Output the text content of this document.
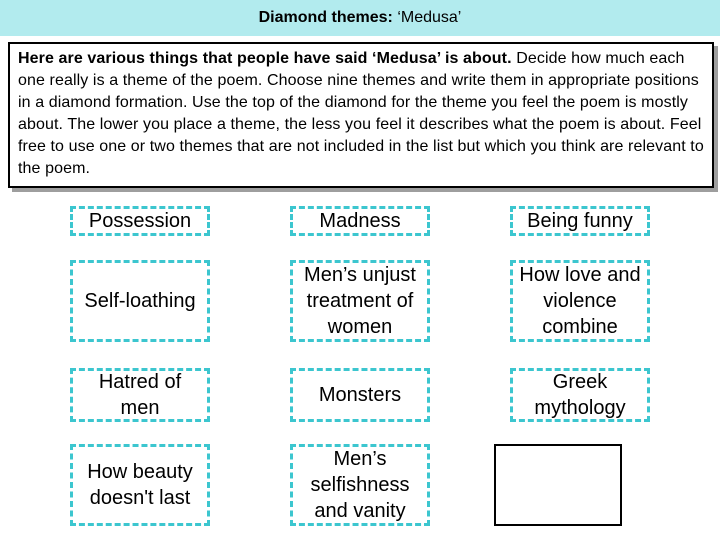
Diamond themes: ‘Medusa’
Here are various things that people have said ‘Medusa’ is about. Decide how much each one really is a theme of the poem. Choose nine themes and write them in appropriate positions in a diamond formation. Use the top of the diamond for the theme you feel the poem is mostly about. The lower you place a theme, the less you feel it describes what the poem is about. Feel free to use one or two themes that are not included in the list but which you think are relevant to the poem.
Possession	Madness	Being funny
Self-loathing
Men’s unjust treatment of women
How love and violence combine
Hatred of men
Monsters
Greek mythology
How beauty doesn't last
Men’s selfishness and vanity
